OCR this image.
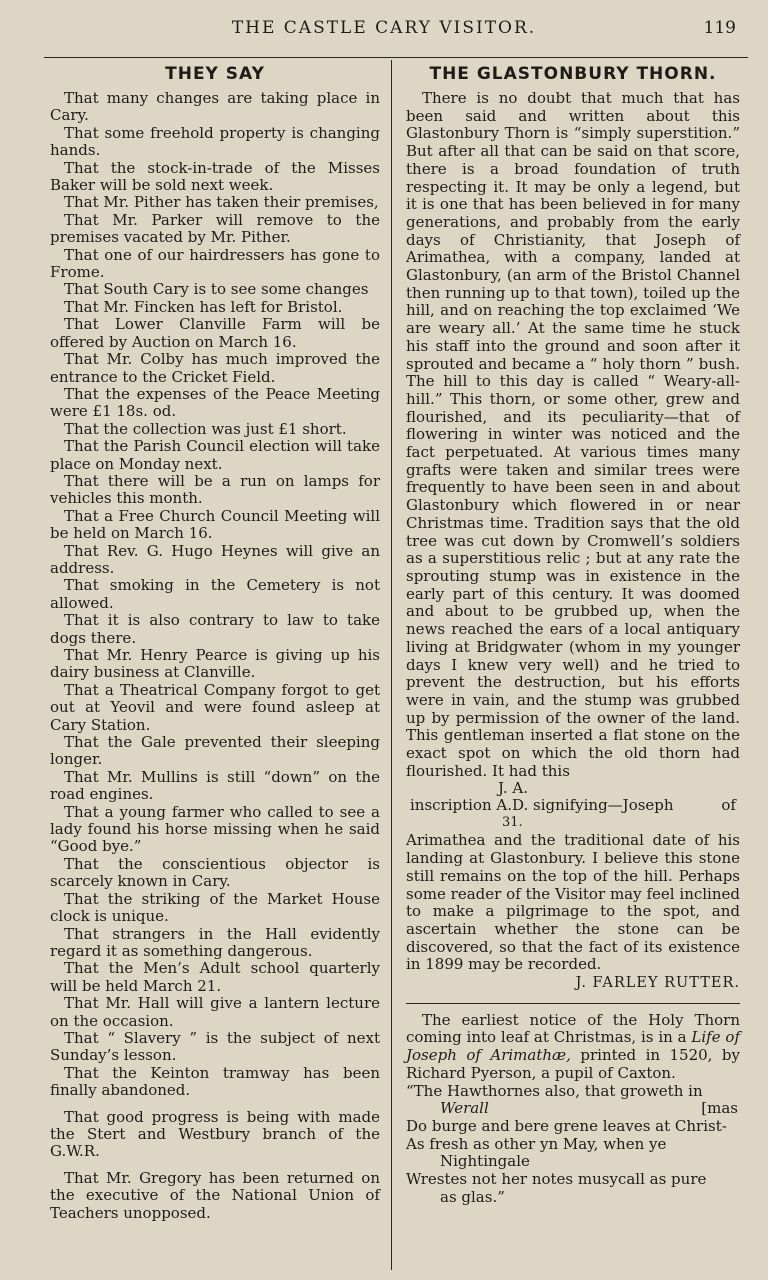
THE CASTLE CARY VISITOR.	119
THEY SAY

That many changes are taking place in Cary.

That some freehold property is changing hands.

That the stock-in-trade of the Misses Baker will be sold next week.

That Mr. Pither has taken their premises,

That Mr. Parker will remove to the premises vacated by Mr. Pither.

That one of our hairdressers has gone to Frome.

That South Cary is to see some changes

That Mr. Fincken has left for Bristol.

That Lower Clanville Farm will be offered by Auction on March 16.

That Mr. Colby has much improved the entrance to the Cricket Field.

That the expenses of the Peace Meeting were £1 18s. od.

That the collection was just £1 short.

That the Parish Council election will take place on Monday next.

That there will be a run on lamps for vehicles this month.

That a Free Church Council Meeting will be held on March 16.

That Rev. G. Hugo Heynes will give an address.

That smoking in the Cemetery is not allowed.

That it is also contrary to law to take dogs there.

That Mr. Henry Pearce is giving up his dairy business at Clanville.

That a Theatrical Company forgot to get out at Yeovil and were found asleep at Cary Station.

That the Gale prevented their sleeping longer.

That Mr. Mullins is still “down” on the road engines.

That a young farmer who called to see a lady found his horse missing when he said “Good bye.”

That the conscientious objector is scarcely known in Cary.

That the striking of the Market House clock is unique.

That strangers in the Hall evidently regard it as something dangerous.

That the Men’s Adult school quarterly will be held March 21.

That Mr. Hall will give a lantern lecture on the occasion.

That “ Slavery ” is the subject of next Sunday’s lesson.

That the Keinton tramway has been finally abandoned.

That good progress is being with made the Stert and Westbury branch of the G.W.R.

That Mr. Gregory has been returned on the executive of the National Union of Teachers unopposed.

THE GLASTONBURY THORN.

There is no doubt that much that has been said and written about this Glastonbury Thorn is “simply superstition.” But after all that can be said on that score, there is a broad foundation of truth respecting it. It may be only a legend, but it is one that has been believed in for many generations, and probably from the early days of Christianity, that Joseph of Arimathea, with a company, landed at Glastonbury, (an arm of the Bristol Channel then running up to that town), toiled up the hill, and on reaching the top exclaimed ‘We are weary all.’ At the same time he stuck his staff into the ground and soon after it sprouted and became a “ holy thorn ” bush. The hill to this day is called “ Weary-all-hill.” This thorn, or some other, grew and flourished, and its peculiarity—that of flowering in winter was noticed and the fact perpetuated. At various times many grafts were taken and similar trees were frequently to have been seen in and about Glastonbury which flowered in or near Christmas time. Tradition says that the old tree was cut down by Cromwell’s soldiers as a superstitious relic ; but at any rate the sprouting stump was in existence in the early part of this century. It was doomed and about to be grubbed up, when the news reached the ears of a local antiquary living at Bridgwater (whom in my younger days I knew very well) and he tried to prevent the destruction, but his efforts were in vain, and the stump was grubbed up by permission of the owner of the land. This gentleman inserted a flat stone on the exact spot on which the old thorn had flourished. It had this

J. A.
inscription A.D. signifying—Joseph	of
31.

Arimathea and the traditional date of his landing at Glastonbury. I believe this stone still remains on the top of the hill. Perhaps some reader of the Visitor may feel inclined to make a pilgrimage to the spot, and ascertain whether the stone can be discovered, so that the fact of its existence in 1899 may be recorded.

J. FARLEY RUTTER.

The earliest notice of the Holy Thorn coming into leaf at Christmas, is in a Life of Joseph of Arimathæ, printed in 1520, by Richard Pyerson, a pupil of Caxton.

“The Hawthornes also, that groweth in
Werall	[mas
Do burge and bere grene leaves at Christ-
As fresh as other yn May, when ye
Nightingale
Wrestes not her notes musycall as pure
as glas.”
